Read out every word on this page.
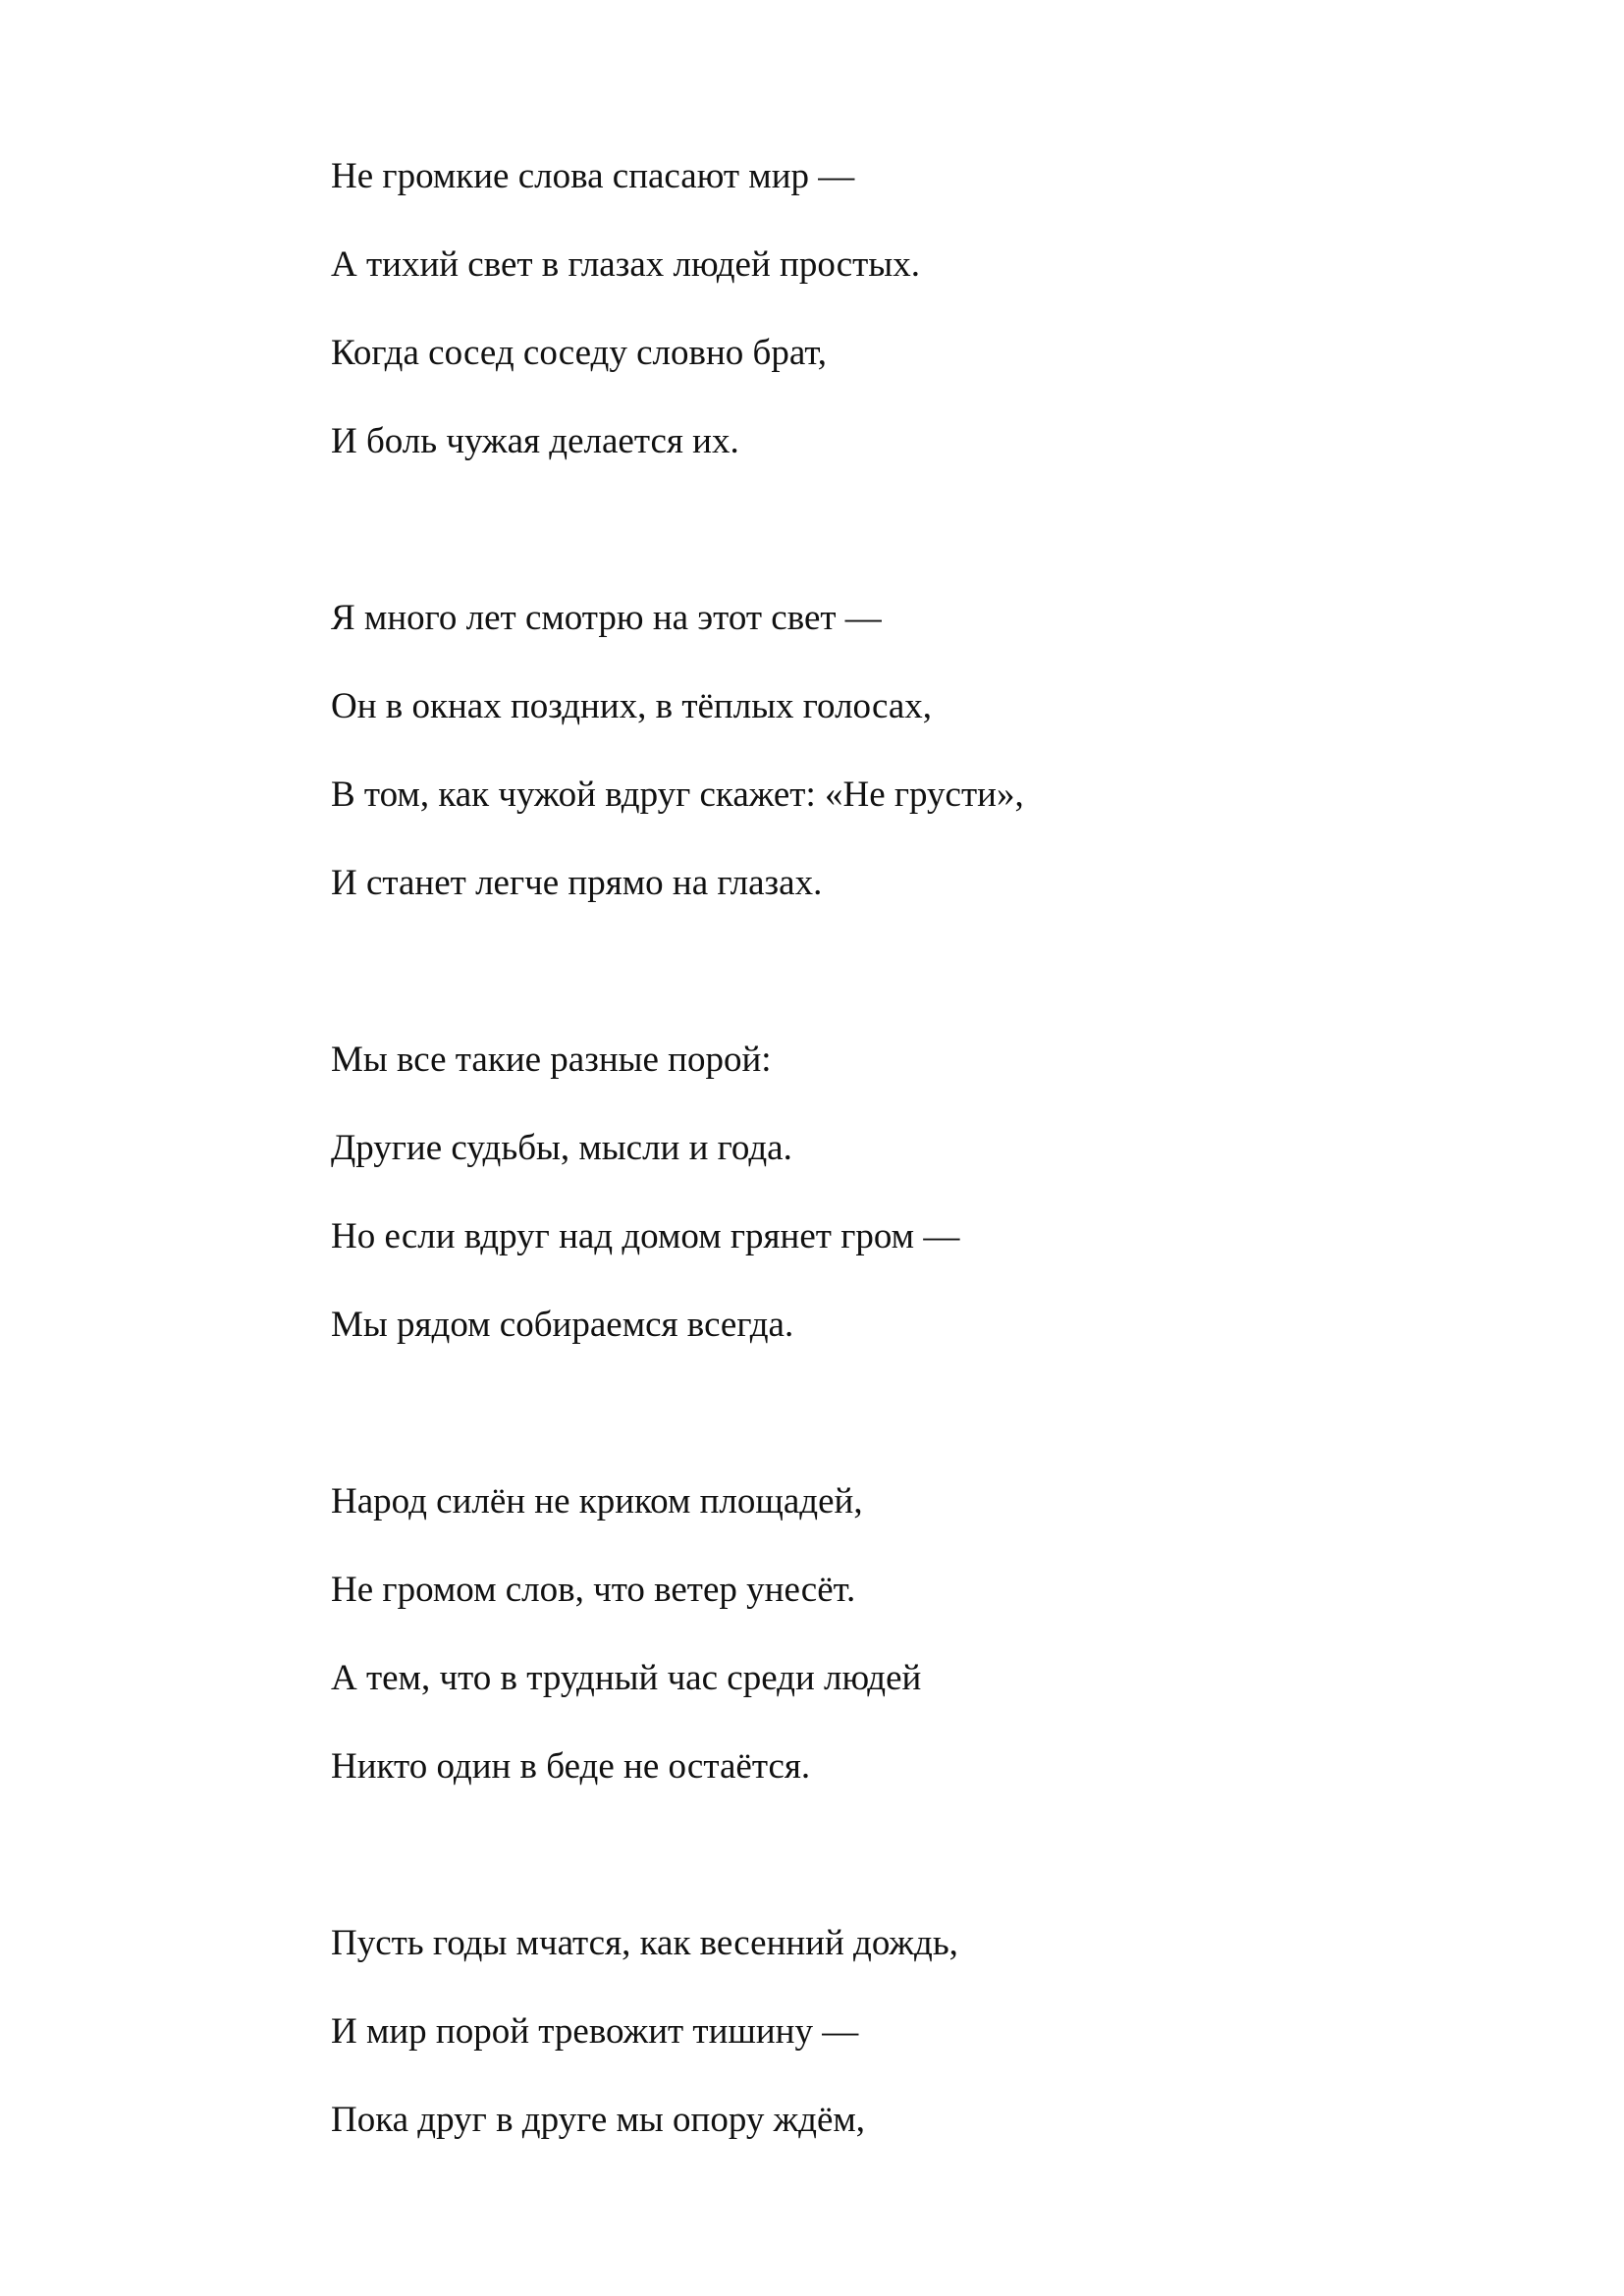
Не громкие слова спасают мир —
А тихий свет в глазах людей простых.
Когда сосед соседу словно брат,
И боль чужая делается их.
Я много лет смотрю на этот свет —
Он в окнах поздних, в тёплых голосах,
В том, как чужой вдруг скажет: «Не грусти»,
И станет легче прямо на глазах.
Мы все такие разные порой:
Другие судьбы, мысли и года.
Но если вдруг над домом грянет гром —
Мы рядом собираемся всегда.
Народ силён не криком площадей,
Не громом слов, что ветер унесёт.
А тем, что в трудный час среди людей
Никто один в беде не остаётся.
Пусть годы мчатся, как весенний дождь,
И мир порой тревожит тишину —
Пока друг в друге мы опору ждём,
